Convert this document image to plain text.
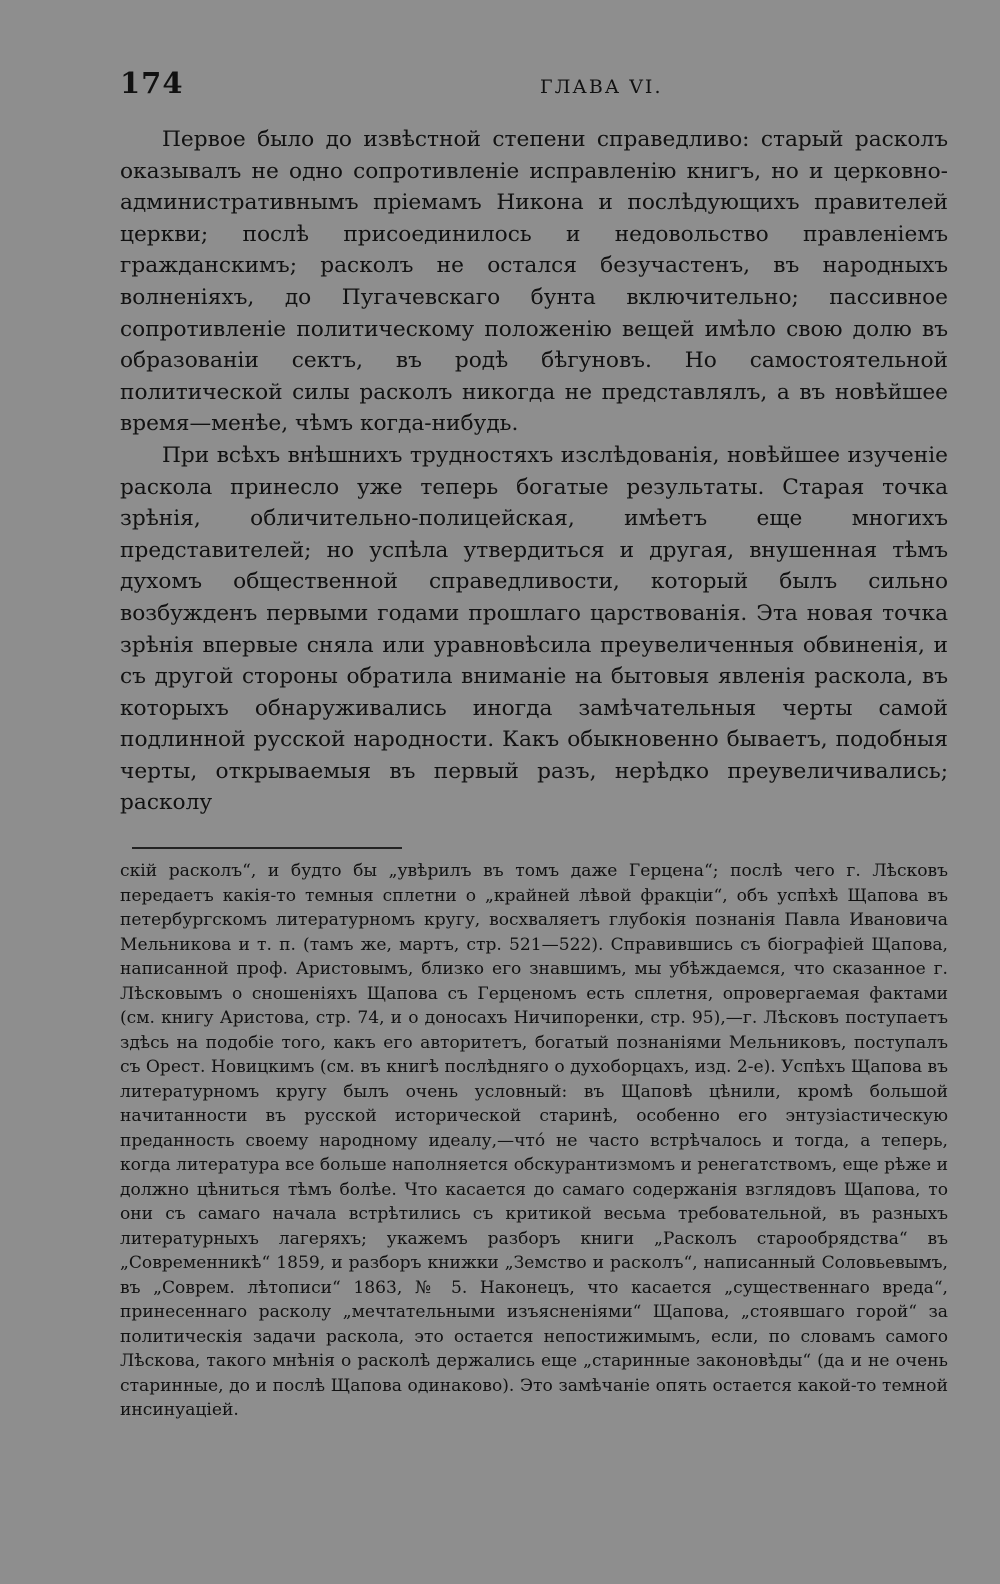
174	ГЛАВА VI.

Первое было до извѣстной степени справедливо: старый расколъ оказывалъ не одно сопротивленіе исправленію книгъ, но и церковно-административнымъ пріемамъ Никона и послѣдующихъ правителей церкви; послѣ присоединилось и недовольство правленіемъ гражданскимъ; расколъ не остался безучастенъ, въ народныхъ волненіяхъ, до Пугачевскаго бунта включительно; пассивное сопротивленіе политическому положенію вещей имѣло свою долю въ образованіи сектъ, въ родѣ бѣгуновъ. Но самостоятельной политической силы расколъ никогда не представлялъ, а въ новѣйшее время—менѣе, чѣмъ когда-нибудь.

При всѣхъ внѣшнихъ трудностяхъ изслѣдованія, новѣйшее изученіе раскола принесло уже теперь богатые результаты. Старая точка зрѣнія, обличительно-полицейская, имѣетъ еще многихъ представителей; но успѣла утвердиться и другая, внушенная тѣмъ духомъ общественной справедливости, который былъ сильно возбужденъ первыми годами прошлаго царствованія. Эта новая точка зрѣнія впервые сняла или уравновѣсила преувеличенныя обвиненія, и съ другой стороны обратила вниманіе на бытовыя явленія раскола, въ которыхъ обнаруживались иногда замѣчательныя черты самой подлинной русской народности. Какъ обыкновенно бываетъ, подобныя черты, открываемыя въ первый разъ, нерѣдко преувеличивались; расколу

скій расколъ“, и будто бы „увѣрилъ въ томъ даже Герцена“; послѣ чего г. Лѣсковъ передаетъ какія-то темныя сплетни о „крайней лѣвой фракціи“, объ успѣхѣ Щапова въ петербургскомъ литературномъ кругу, восхваляетъ глубокія познанія Павла Ивановича Мельникова и т. п. (тамъ же, мартъ, стр. 521—522). Справившись съ біографіей Щапова, написанной проф. Аристовымъ, близко его знавшимъ, мы убѣждаемся, что сказанное г. Лѣсковымъ о сношеніяхъ Щапова съ Герценомъ есть сплетня, опровергаемая фактами (см. книгу Аристова, стр. 74, и о доносахъ Ничипоренки, стр. 95),—г. Лѣсковъ поступаетъ здѣсь на подобіе того, какъ его авторитетъ, богатый познаніями Мельниковъ, поступалъ съ Орест. Новицкимъ (см. въ книгѣ послѣдняго о духоборцахъ, изд. 2-е). Успѣхъ Щапова въ литературномъ кругу былъ очень условный: въ Щаповѣ цѣнили, кромѣ большой начитанности въ русской исторической старинѣ, особенно его энтузіастическую преданность своему народному идеалу,—что́ не часто встрѣчалось и тогда, а теперь, когда литература все больше наполняется обскурантизмомъ и ренегатствомъ, еще рѣже и должно цѣниться тѣмъ болѣе. Что касается до самаго содержанія взглядовъ Щапова, то они съ самаго начала встрѣтились съ критикой весьма требовательной, въ разныхъ литературныхъ лагеряхъ; укажемъ разборъ книги „Расколъ старообрядства“ въ „Современникѣ“ 1859, и разборъ книжки „Земство и расколъ“, написанный Соловьевымъ, въ „Соврем. лѣтописи“ 1863, № 5. Наконецъ, что касается „существеннаго вреда“, принесеннаго расколу „мечтательными изъясненіями“ Щапова, „стоявшаго горой“ за политическія задачи раскола, это остается непостижимымъ, если, по словамъ самого Лѣскова, такого мнѣнія о расколѣ держались еще „старинные законовѣды“ (да и не очень старинные, до и послѣ Щапова одинаково). Это замѣчаніе опять остается какой-то темной инсинуаціей.
